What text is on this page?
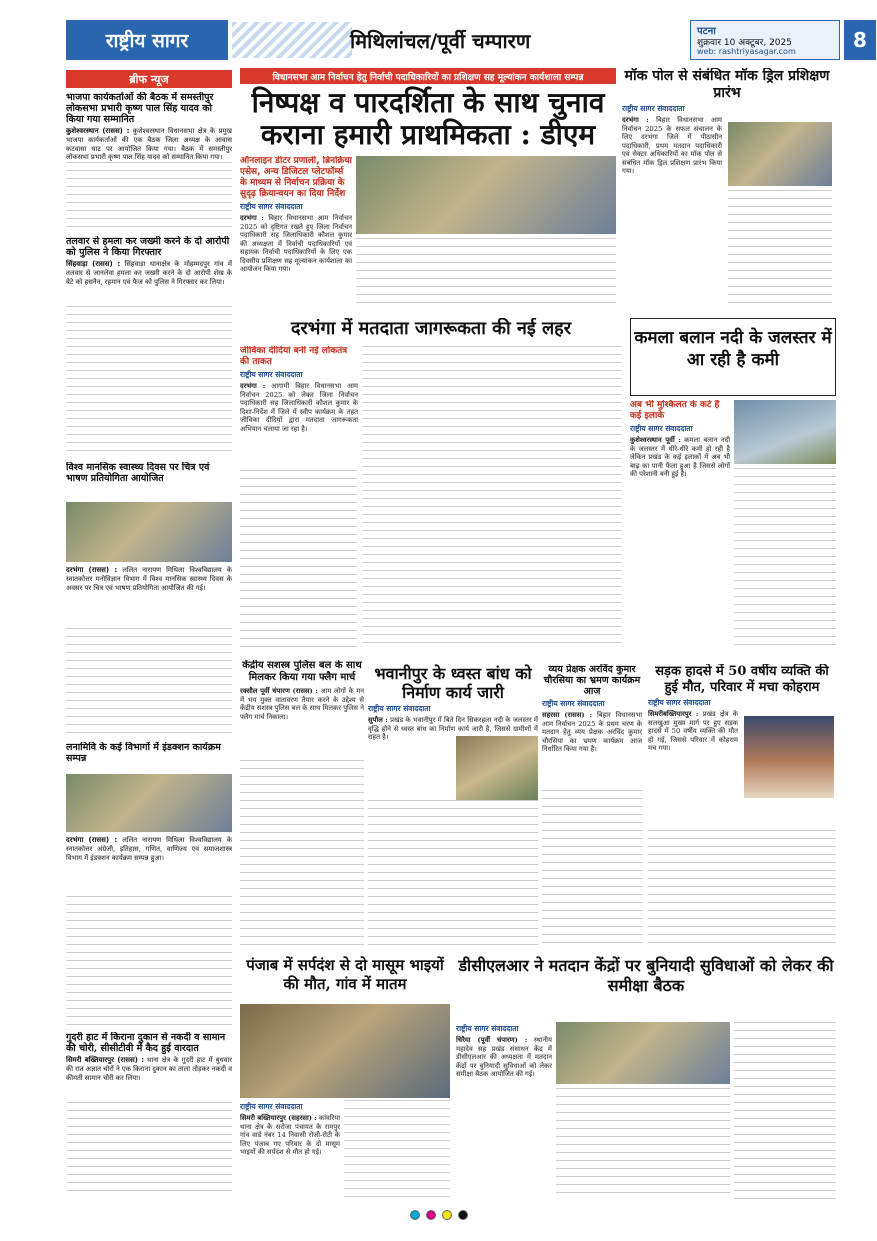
राष्ट्रीय सागर	मिथिलांचल/पूर्वी चम्पारण	पटना
शुक्रवार 10 अक्टूबर, 2025
web: rashtriyasagar.com	8
ब्रीफ न्यूज
भाजपा कार्यकर्ताओं की बैठक में समस्तीपुर लोकसभा प्रभारी कृष्ण पाल सिंह यादव को किया गया सम्मानित

कुशेश्वरस्थान (रासस) : कुशेश्वरस्थान विधानसभा क्षेत्र के प्रमुख भाजपा कार्यकर्ताओं की एक बैठक जिला अध्यक्ष के आवास कटवासा घाट पर आयोजित किया गया। बैठक में समस्तीपुर लोकसभा प्रभारी कृष्ण पाल सिंह यादव को सम्मानित किया गया।

तलवार से हमला कर जख्मी करने के दो आरोपी को पुलिस ने किया गिरफ्तार

सिंहवाड़ा (रासस) : सिंहवाड़ा थानाक्षेत्र के मोहम्मदपुर गांव में तलवार से जानलेवा हमला कर जख्मी करने के दो आरोपी शेख के बेटे को हसनैन, रहमान एवं फैज को पुलिस ने गिरफ्तार कर लिया।

विश्व मानसिक स्वास्थ्य दिवस पर चित्र एवं भाषण प्रतियोगिता आयोजित

दरभंगा (रासस) : ललित नारायण मिथिला विश्वविद्यालय के स्नातकोत्तर मनोविज्ञान विभाग में विश्व मानसिक स्वास्थ्य दिवस के अवसर पर चित्र एवं भाषण प्रतियोगिता आयोजित की गई।

लनामिवि के कई विभागों में इंडक्शन कार्यक्रम सम्पन्न

दरभंगा (रासस) : ललित नारायण मिथिला विश्वविद्यालय के स्नातकोत्तर अंग्रेजी, इतिहास, गणित, वाणिज्य एवं समाजशास्त्र विभाग में इंडक्शन कार्यक्रम सम्पन्न हुआ।

गुदरी हाट में किराना दुकान से नकदी व सामान की चोरी, सीसीटीवी में कैद हुई वारदात

सिमरी बख्तियारपुर (रासस) : थाना क्षेत्र के गुदरी हाट में बुधवार की रात अज्ञात चोरों ने एक किराना दुकान का ताला तोड़कर नकदी व कीमती सामान चोरी कर लिया।

विधानसभा आम निर्वाचन हेतु निर्वाची पदाधिकारियों का प्रशिक्षण सह मूल्यांकन कार्यशाला सम्पन्न
निष्पक्ष व पारदर्शिता के साथ चुनाव
कराना हमारी प्राथमिकता : डीएम
ऑनलाइन डीटर प्रणाली, ब्रिनक्रिया एसेस, अन्य डिजिटल प्लेटफॉर्म्स के माध्यम से निर्वाचन प्रक्रिया के सुदृढ़ क्रियान्वयन का दिया निर्देश
राष्ट्रीय सागर संवाददाता
दरभंगा : बिहार विधानसभा आम निर्वाचन 2025 को दृष्टिगत रखते हुए जिला निर्वाचन पदाधिकारी सह जिलाधिकारी कौशल कुमार की अध्यक्षता में निर्वाची पदाधिकारियों एवं सहायक निर्वाची पदाधिकारियों के लिए एक दिवसीय प्रशिक्षण सह मूल्यांकन कार्यशाला का आयोजन किया गया।
मॉक पोल से संबंधित मॉक ड्रिल प्रशिक्षण प्रारंभ
राष्ट्रीय सागर संवाददाता
दरभंगा : बिहार विधानसभा आम निर्वाचन 2025 के सफल संचालन के लिए दरभंगा जिले में पीठासीन पदाधिकारी, प्रथम मतदान पदाधिकारी एवं सेक्टर अधिकारियों का मॉक पोल से संबंधित मॉक ड्रिल प्रशिक्षण प्रारंभ किया गया।
दरभंगा में मतदाता जागरूकता की नई लहर
जीविका दीदियां बनीं नई लोकतंत्र की ताकत
राष्ट्रीय सागर संवाददाता
दरभंगा : आगामी बिहार विधानसभा आम निर्वाचन 2025 को लेकर जिला निर्वाचन पदाधिकारी सह जिलाधिकारी कौशल कुमार के दिशा-निर्देश में जिले में स्वीप कार्यक्रम के तहत जीविका दीदियों द्वारा मतदाता जागरूकता अभियान चलाया जा रहा है।
कमला बलान नदी के जलस्तर में आ रही है कमी
अब भी मुश्किलत के कटे हैं कई इलाके
राष्ट्रीय सागर संवाददाता
कुशेश्वरस्थान पूर्वी : कमला बलान नदी के जलस्तर में धीरे-धीरे कमी हो रही है लेकिन प्रखंड के कई इलाकों में अब भी बाढ़ का पानी फैला हुआ है जिससे लोगों की परेशानी बनी हुई है।
केंद्रीय सशस्त्र पुलिस बल के साथ मिलकर किया गया फ्लैग मार्च
रक्सौल पूर्वी चंपारण (रासस) : आम लोगों के मन में भय मुक्त वातावरण तैयार करने के उद्देश्य से केंद्रीय सशस्त्र पुलिस बल के साथ मिलकर पुलिस ने फ्लैग मार्च निकाला।
भवानीपुर के ध्वस्त बांध को निर्माण कार्य जारी
राष्ट्रीय सागर संवाददाता
सुपौल : प्रखंड के भवानीपुर में बिते दिन सिकरहला नदी के जलस्तर में वृद्धि होने से ध्वस्त बांध का निर्माण कार्य जारी है, जिससे ग्रामीणों में राहत है।
व्यय प्रेक्षक अरविंद कुमार चौरसिया का भ्रमण कार्यक्रम आज
राष्ट्रीय सागर संवाददाता
सहरसा (रासस) : बिहार विधानसभा आम निर्वाचन 2025 के प्रथम चरण के मतदान हेतु व्यय प्रेक्षक अरविंद कुमार चौरसिया का भ्रमण कार्यक्रम आज निर्धारित किया गया है।
सड़क हादसे में 50 वर्षीय व्यक्ति की हुई मौत, परिवार में मचा कोहराम
राष्ट्रीय सागर संवाददाता
सिमरीबख्तियारपुर : प्रखंड क्षेत्र के सलखुआ मुख्य मार्ग पर हुए सड़क हादसे में 50 वर्षीय व्यक्ति की मौत हो गई, जिससे परिवार में कोहराम मच गया।
पंजाब में सर्पदंश से दो मासूम भाइयों की मौत, गांव में मातम
राष्ट्रीय सागर संवाददाता
सिमरी बख्तियारपुर (सहरसा) : कांवरिया थाना क्षेत्र के सरोजा पंचायत के रामपुर गांव वार्ड नंबर 14 निवासी रोजी-रोटी के लिए पंजाब गए परिवार के दो मासूम भाइयों की सर्पदंश से मौत हो गई।
डीसीएलआर ने मतदान केंद्रों पर बुनियादी सुविधाओं को लेकर की समीक्षा बैठक
राष्ट्रीय सागर संवाददाता
चिरैया (पूर्वी चंपारण) : स्थानीय महादेव सह प्रखंड संसाधन केंद्र में डीसीएलआर की अध्यक्षता में मतदान केंद्रों पर बुनियादी सुविधाओं को लेकर समीक्षा बैठक आयोजित की गई।
